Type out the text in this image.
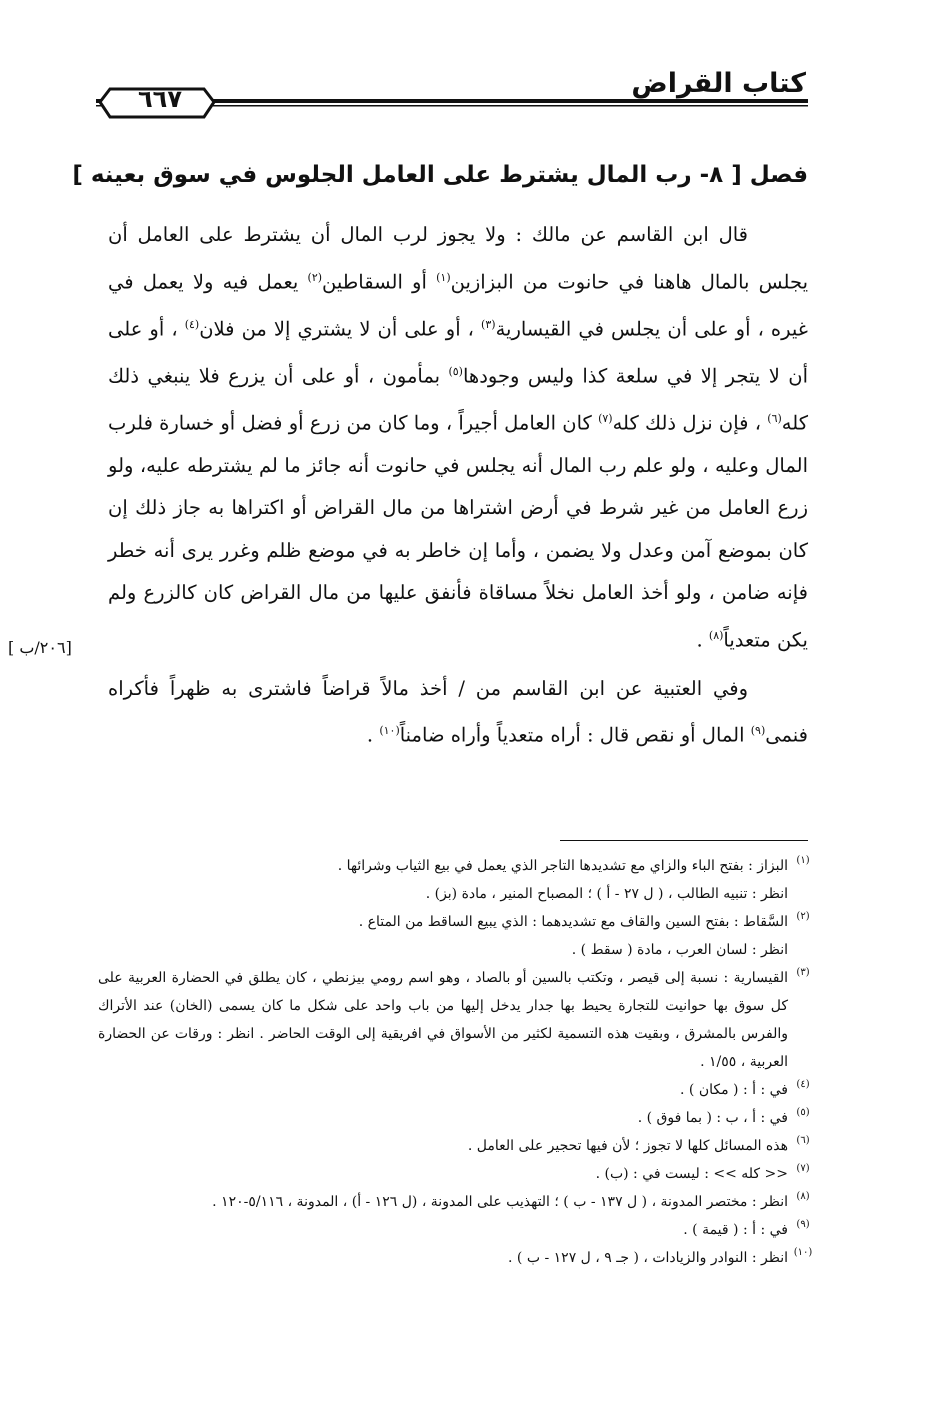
كتاب القراض
٦٦٧
فصل [ ٨- رب المال يشترط على العامل الجلوس في سوق بعينه ]

قال ابن القاسم عن مالك : ولا يجوز لرب المال أن يشترط على العامل أن يجلس بالمال هاهنا في حانوت من البزازين$^{(١)}$ أو السقاطين$^{(٢)}$ يعمل فيه ولا يعمل في غيره ، أو على أن يجلس في القيسارية$^{(٣)}$ ، أو على أن لا يشتري إلا من فلان$^{(٤)}$ ، أو على أن لا يتجر إلا في سلعة كذا وليس وجودها$^{(٥)}$ بمأمون ، أو على أن يزرع فلا ينبغي ذلك كله$^{(٦)}$ ، فإن نزل ذلك كله$^{(٧)}$ كان العامل أجيراً ، وما كان من زرع أو فضل أو خسارة فلرب المال وعليه ، ولو علم رب المال أنه يجلس في حانوت أنه جائز ما لم يشترطه عليه، ولو زرع العامل من غير شرط في أرض اشتراها من مال القراض أو اكتراها به جاز ذلك إن كان بموضع آمن وعدل ولا يضمن ، وأما إن خاطر به في موضع ظلم وغرر يرى أنه خطر فإنه ضامن ، ولو أخذ العامل نخلاً مساقاة فأنفق عليها من مال القراض كان كالزرع ولم يكن متعدياً$^{(٨)}$ .

وفي العتبية عن ابن القاسم من / أخذ مالاً قراضاً فاشترى به ظهراً فأكراه فنمى$^{(٩)}$ المال أو نقص قال : أراه متعدياً وأراه ضامناً$^{(١٠)}$ .

[ ٢٠٦/ب]
(١)
البزاز : بفتح الباء والزاي مع تشديدها التاجر الذي يعمل في بيع الثياب وشرائها .
انظر : تنبيه الطالب ، ( ل ٢٧ - أ ) ؛ المصباح المنير ، مادة (بز) .
(٢)
السَّقاط : بفتح السين والقاف مع تشديدهما : الذي يبيع الساقط من المتاع .
انظر : لسان العرب ، مادة ( سقط ) .
(٣)
القيسارية : نسبة إلى قيصر ، وتكتب بالسين أو بالصاد ، وهو اسم رومي بيزنطي ، كان يطلق في الحضارة العربية على كل سوق بها حوانيت للتجارة يحيط بها جدار يدخل إليها من باب واحد على شكل ما كان يسمى (الخان) عند الأتراك والفرس بالمشرق ، وبقيت هذه التسمية لكثير من الأسواق في افريقية إلى الوقت الحاضر . انظر : ورقات عن الحضارة العربية ، ١/٥٥ .
(٤)
في : أ : ( مكان ) .
(٥)
في : أ ، ب : ( بما فوق ) .
(٦)
هذه المسائل كلها لا تجوز ؛ لأن فيها تحجير على العامل .
(٧)
<< كله >> : ليست في : (ب) .
(٨)
انظر : مختصر المدونة ، ( ل ١٣٧ - ب ) ؛ التهذيب على المدونة ، (ل ١٢٦ - أ) ، المدونة ، ٥/١١٦-١٢٠ .
(٩)
في : أ : ( قيمة ) .
(١٠)
انظر : النوادر والزيادات ، ( جـ ٩ ، ل ١٢٧ - ب ) .
